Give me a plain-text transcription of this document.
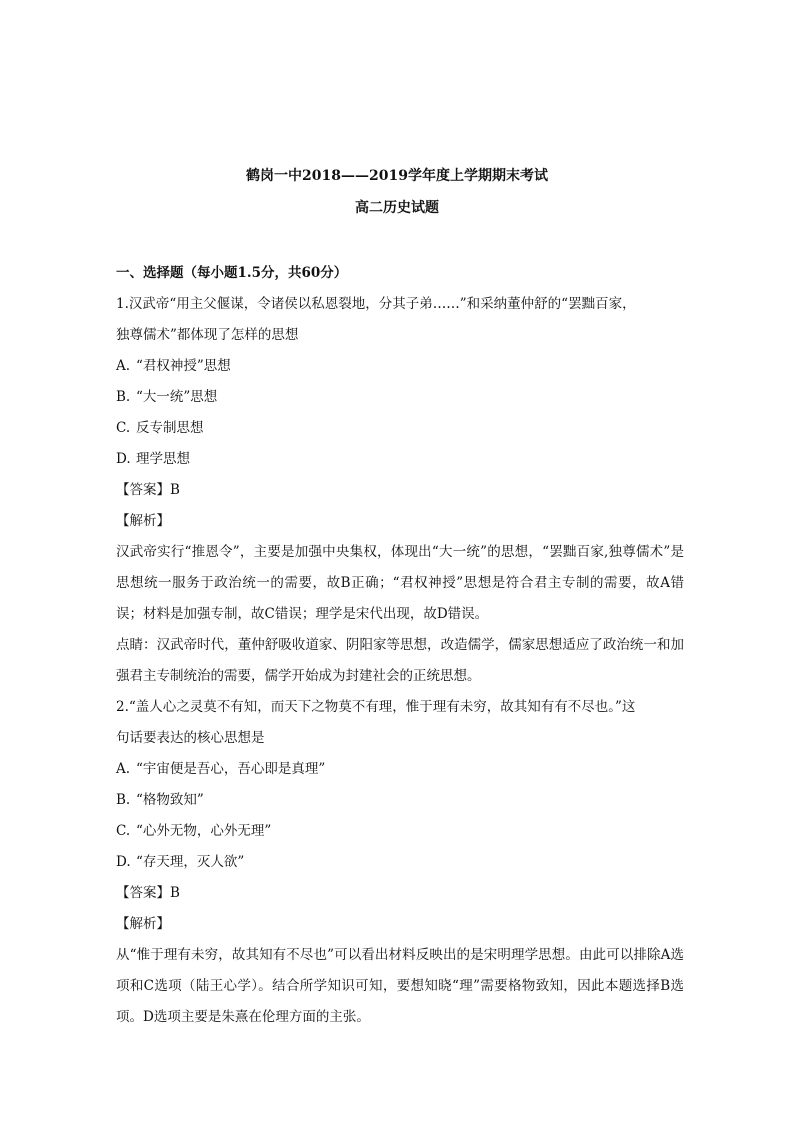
鹤岗一中2018——2019学年度上学期期末考试
高二历史试题
一、选择题（每小题1.5分，共60分）
1.汉武帝“用主父偃谋，令诸侯以私恩裂地，分其子弟……”和采纳董仲舒的“罢黜百家，
独尊儒术”都体现了怎样的思想
A. “君权神授”思想
B. “大一统”思想
C. 反专制思想
D. 理学思想
【答案】B
【解析】

汉武帝实行“推恩令”，主要是加强中央集权，体现出“大一统”的思想，“罢黜百家,独尊儒术”是思想统一服务于政治统一的需要，故B正确；“君权神授”思想是符合君主专制的需要，故A错误；材料是加强专制，故C错误；理学是宋代出现，故D错误。

点睛：汉武帝时代，董仲舒吸收道家、阴阳家等思想，改造儒学，儒家思想适应了政治统一和加强君主专制统治的需要，儒学开始成为封建社会的正统思想。

2.“盖人心之灵莫不有知，而天下之物莫不有理，惟于理有未穷，故其知有有不尽也。”这
句话要表达的核心思想是
A. “宇宙便是吾心，吾心即是真理”
B. “格物致知”
C. “心外无物，心外无理”
D. “存天理，灭人欲”
【答案】B
【解析】

从“惟于理有未穷，故其知有不尽也”可以看出材料反映出的是宋明理学思想。由此可以排除A选项和C选项（陆王心学）。结合所学知识可知，要想知晓“理”需要格物致知，因此本题选择B选项。D选项主要是朱熹在伦理方面的主张。
